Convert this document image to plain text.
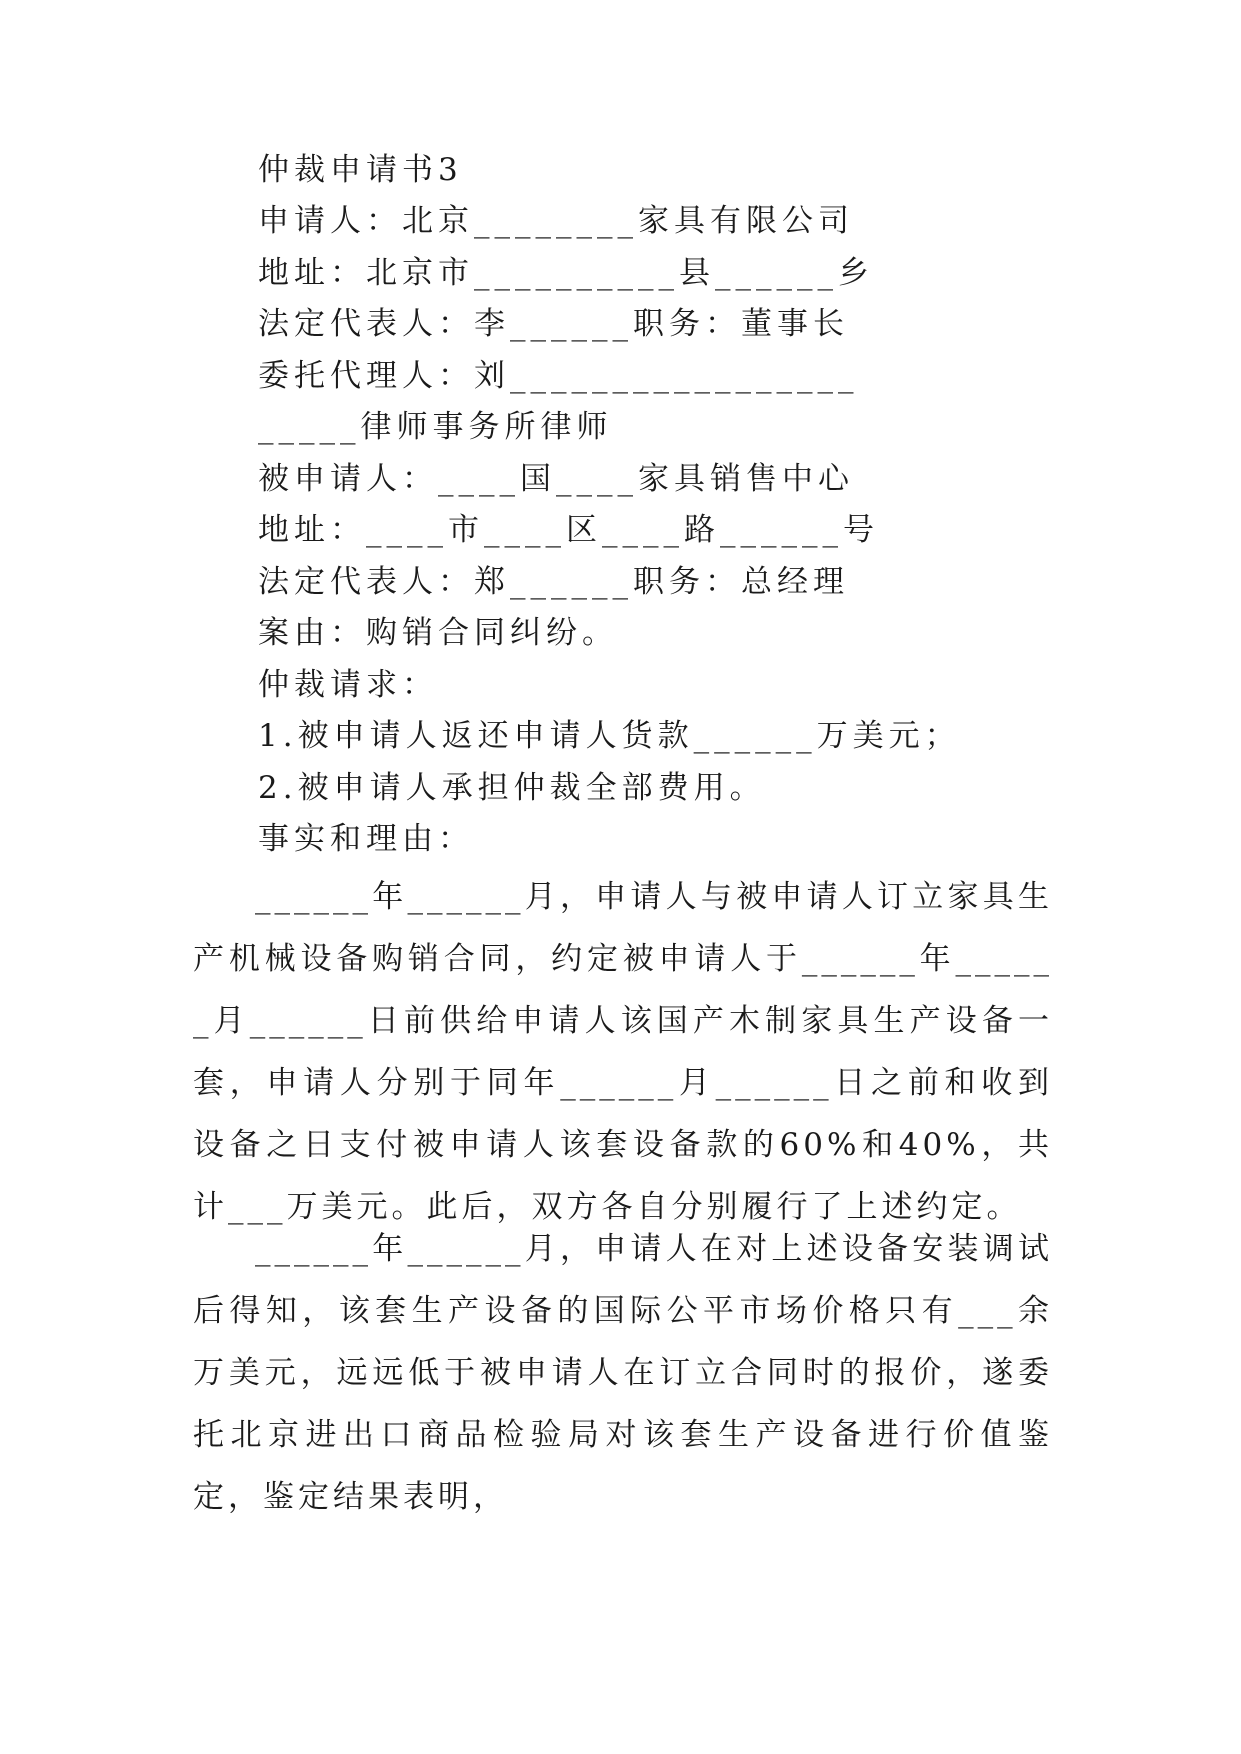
仲裁申请书3
申请人：北京________家具有限公司
地址：北京市__________县______乡
法定代表人：李______职务：董事长
委托代理人：刘_________________
_____律师事务所律师
被申请人：____国____家具销售中心
地址：____市____区____路______号
法定代表人：郑______职务：总经理
案由：购销合同纠纷。
仲裁请求：
1.被申请人返还申请人货款______万美元；
2.被申请人承担仲裁全部费用。
事实和理由：
______年______月，申请人与被申请人订立家具生产机械设备购销合同，约定被申请人于______年______月______日前供给申请人该国产木制家具生产设备一套，申请人分别于同年______月______日之前和收到设备之日支付被申请人该套设备款的60%和40%，共计___万美元。此后，双方各自分别履行了上述约定。
______年______月，申请人在对上述设备安装调试后得知，该套生产设备的国际公平市场价格只有___余万美元，远远低于被申请人在订立合同时的报价，遂委托北京进出口商品检验局对该套生产设备进行价值鉴定，鉴定结果表明，
